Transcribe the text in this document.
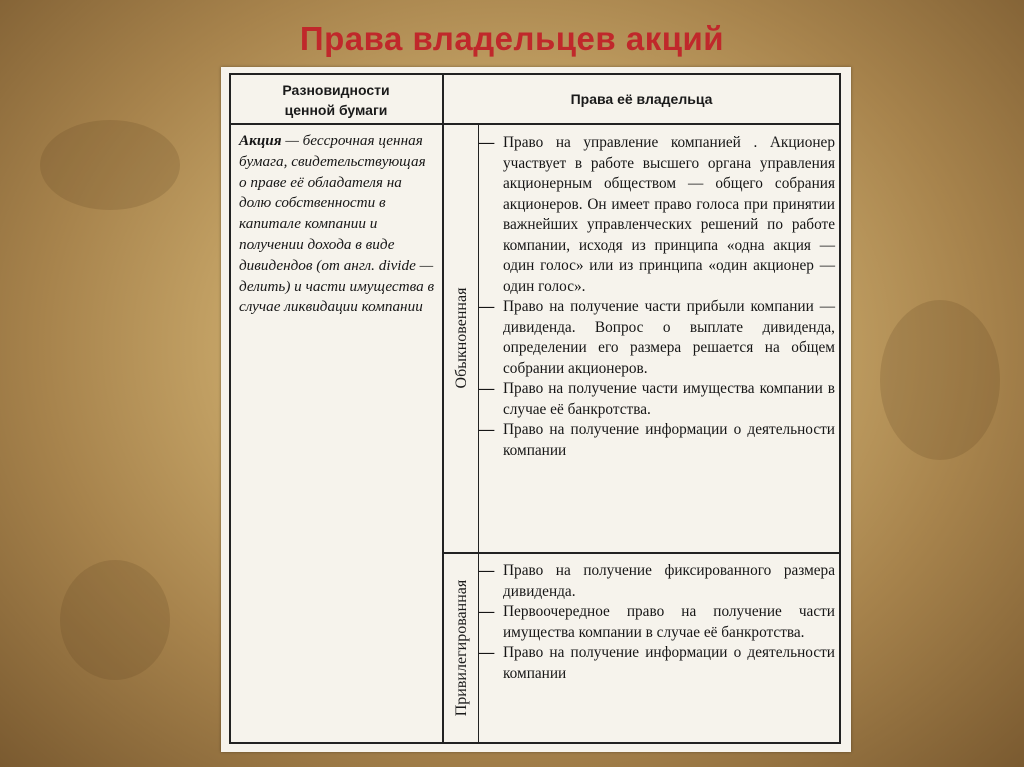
Права владельцев акций
Разновидности ценной бумаги
Права её владельца
Акция — бессрочная ценная бумага, свидетельствующая о праве её обладателя на долю собственности в капитале компании и получении дохода в виде дивидендов (от англ. divide — делить) и части имущества в случае ликвидации компании	Обыкновенная
Привилегированная
— Право на управление компанией . Акционер участвует в работе высшего органа управления акционерным обществом — общего собрания акционеров. Он имеет право голоса при принятии важнейших управленческих решений по работе компании, исходя из принципа «одна акция — один голос» или из принципа «один акционер — один голос».
— Право на получение части прибыли компании — дивиденда. Вопрос о выплате дивиденда, определении его размера решается на общем собрании акционеров.
— Право на получение части имущества компании в случае её банкротства.
— Право на получение информации о деятельности компании
— Право на получение фиксированного размера дивиденда.
— Первоочередное право на получение части имущества компании в случае её банкротства.
— Право на получение информации о деятельности компании
